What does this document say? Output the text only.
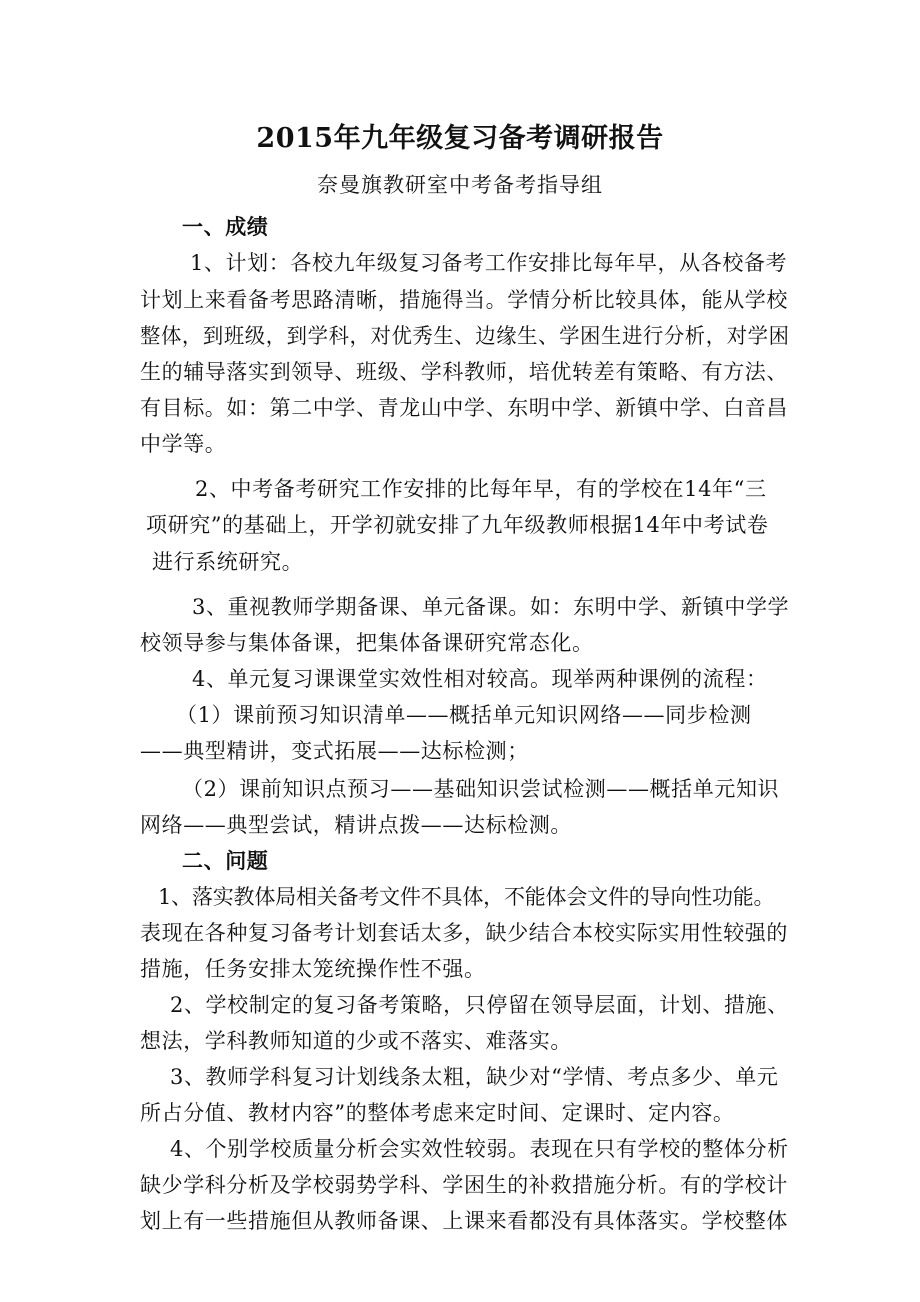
2015年九年级复习备考调研报告
奈曼旗教研室中考备考指导组
一、成绩
1、计划：各校九年级复习备考工作安排比每年早，从各校备考
计划上来看备考思路清晰，措施得当。学情分析比较具体，能从学校
整体，到班级，到学科，对优秀生、边缘生、学困生进行分析，对学困
生的辅导落实到领导、班级、学科教师，培优转差有策略、有方法、
有目标。如：第二中学、青龙山中学、东明中学、新镇中学、白音昌
中学等。
2、中考备考研究工作安排的比每年早，有的学校在14年“三
项研究”的基础上，开学初就安排了九年级教师根据14年中考试卷
进行系统研究。
3、重视教师学期备课、单元备课。如：东明中学、新镇中学学
校领导参与集体备课，把集体备课研究常态化。
4、单元复习课课堂实效性相对较高。现举两种课例的流程：
（1）课前预习知识清单——概括单元知识网络——同步检测
——典型精讲，变式拓展——达标检测；
（2）课前知识点预习——基础知识尝试检测——概括单元知识
网络——典型尝试，精讲点拨——达标检测。
二、问题
1、落实教体局相关备考文件不具体，不能体会文件的导向性功能。
表现在各种复习备考计划套话太多，缺少结合本校实际实用性较强的
措施，任务安排太笼统操作性不强。
2、学校制定的复习备考策略，只停留在领导层面，计划、措施、
想法，学科教师知道的少或不落实、难落实。
3、教师学科复习计划线条太粗，缺少对“学情、考点多少、单元
所占分值、教材内容”的整体考虑来定时间、定课时、定内容。
4、个别学校质量分析会实效性较弱。表现在只有学校的整体分析
缺少学科分析及学校弱势学科、学困生的补救措施分析。有的学校计
划上有一些措施但从教师备课、上课来看都没有具体落实。学校整体
